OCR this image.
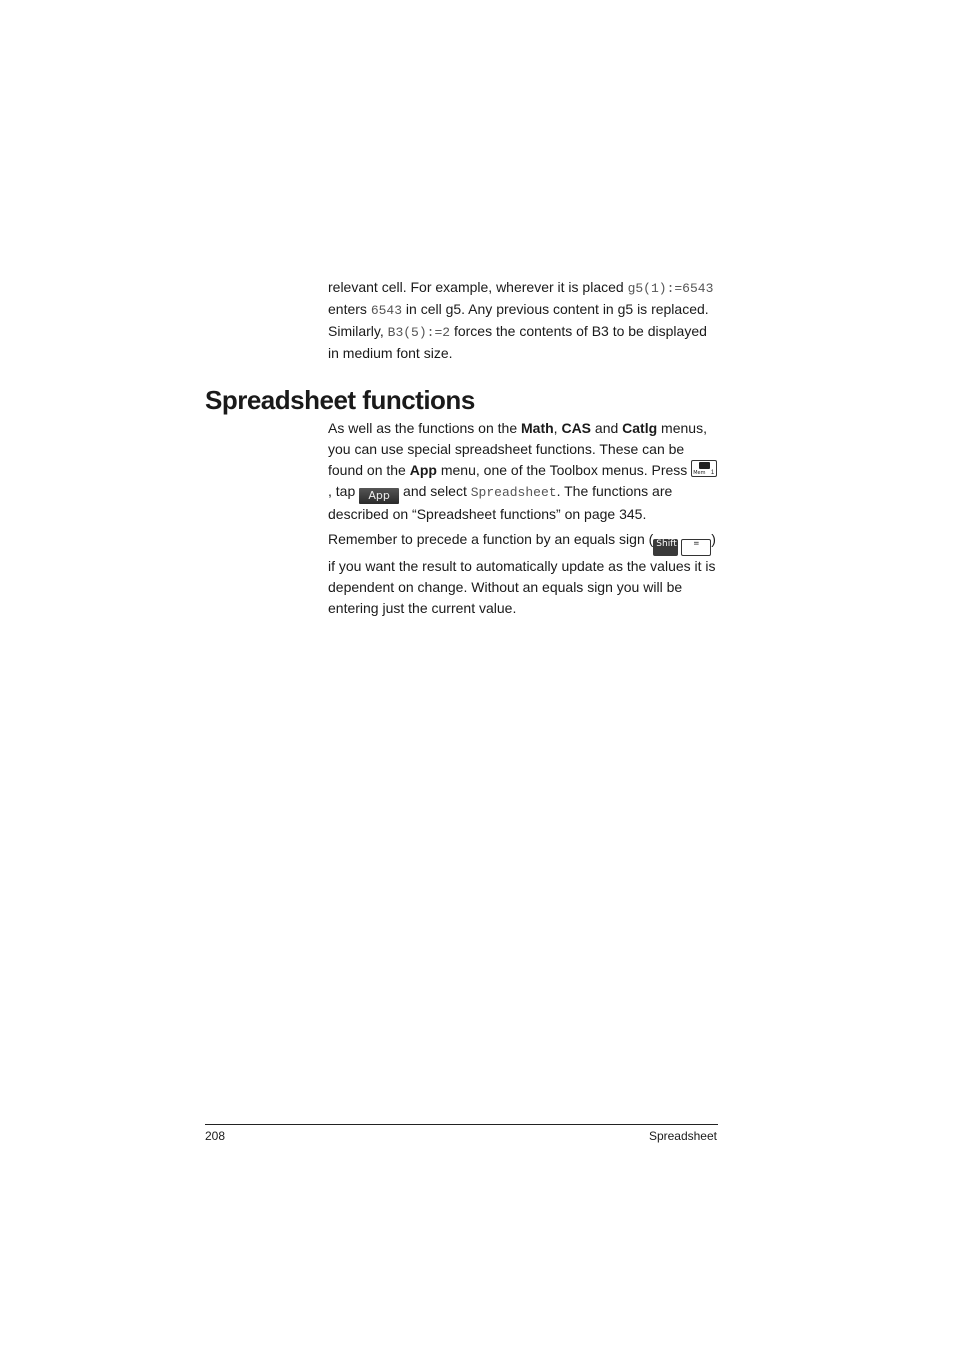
relevant cell. For example, wherever it is placed g5(1):=6543 enters 6543 in cell g5. Any previous content in g5 is replaced. Similarly, B3(5):=2 forces the contents of B3 to be displayed in medium font size.

Spreadsheet functions

As well as the functions on the Math, CAS and Catlg menus, you can use special spreadsheet functions. These can be found on the App menu, one of the Toolbox menus. Press Mem 1
, tap App and select Spreadsheet. The functions are described on “Spreadsheet functions” on page 345.

Remember to precede a function by an equals sign ( Shift = ) if you want the result to automatically update as the values it is dependent on change. Without an equals sign you will be entering just the current value.

208	Spreadsheet
